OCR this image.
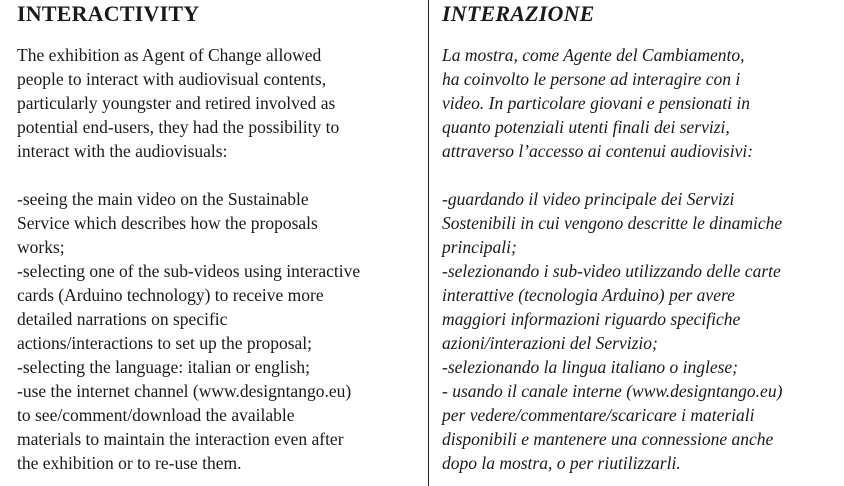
INTERACTIVITY
The exhibition as Agent of Change allowed
people to interact with audiovisual contents,
particularly youngster and retired involved as
potential end-users, they had the possibility to
interact with the audiovisuals:
-seeing the main video on the Sustainable
Service which describes how the proposals
works;
-selecting one of the sub-videos using interactive
cards (Arduino technology) to receive more
detailed narrations on specific
actions/interactions to set up the proposal;
-selecting the language: italian or english;
-use the internet channel (www.designtango.eu)
to see/comment/download the available
materials to maintain the interaction even after
the exhibition or to re-use them.
INTERAZIONE
La mostra, come Agente del Cambiamento,
ha coinvolto le persone ad interagire con i
video. In particolare giovani e pensionati in
quanto potenziali utenti finali dei servizi,
attraverso l’accesso ai contenui audiovisivi:
-guardando il video principale dei Servizi
Sostenibili in cui vengono descritte le dinamiche
principali;
-selezionando i sub-video utilizzando delle carte
interattive (tecnologia Arduino) per avere
maggiori informazioni riguardo specifiche
azioni/interazioni del Servizio;
-selezionando la lingua italiano o inglese;
- usando il canale interne (www.designtango.eu)
per vedere/commentare/scaricare i materiali
disponibili e mantenere una connessione anche
dopo la mostra, o per riutilizzarli.
